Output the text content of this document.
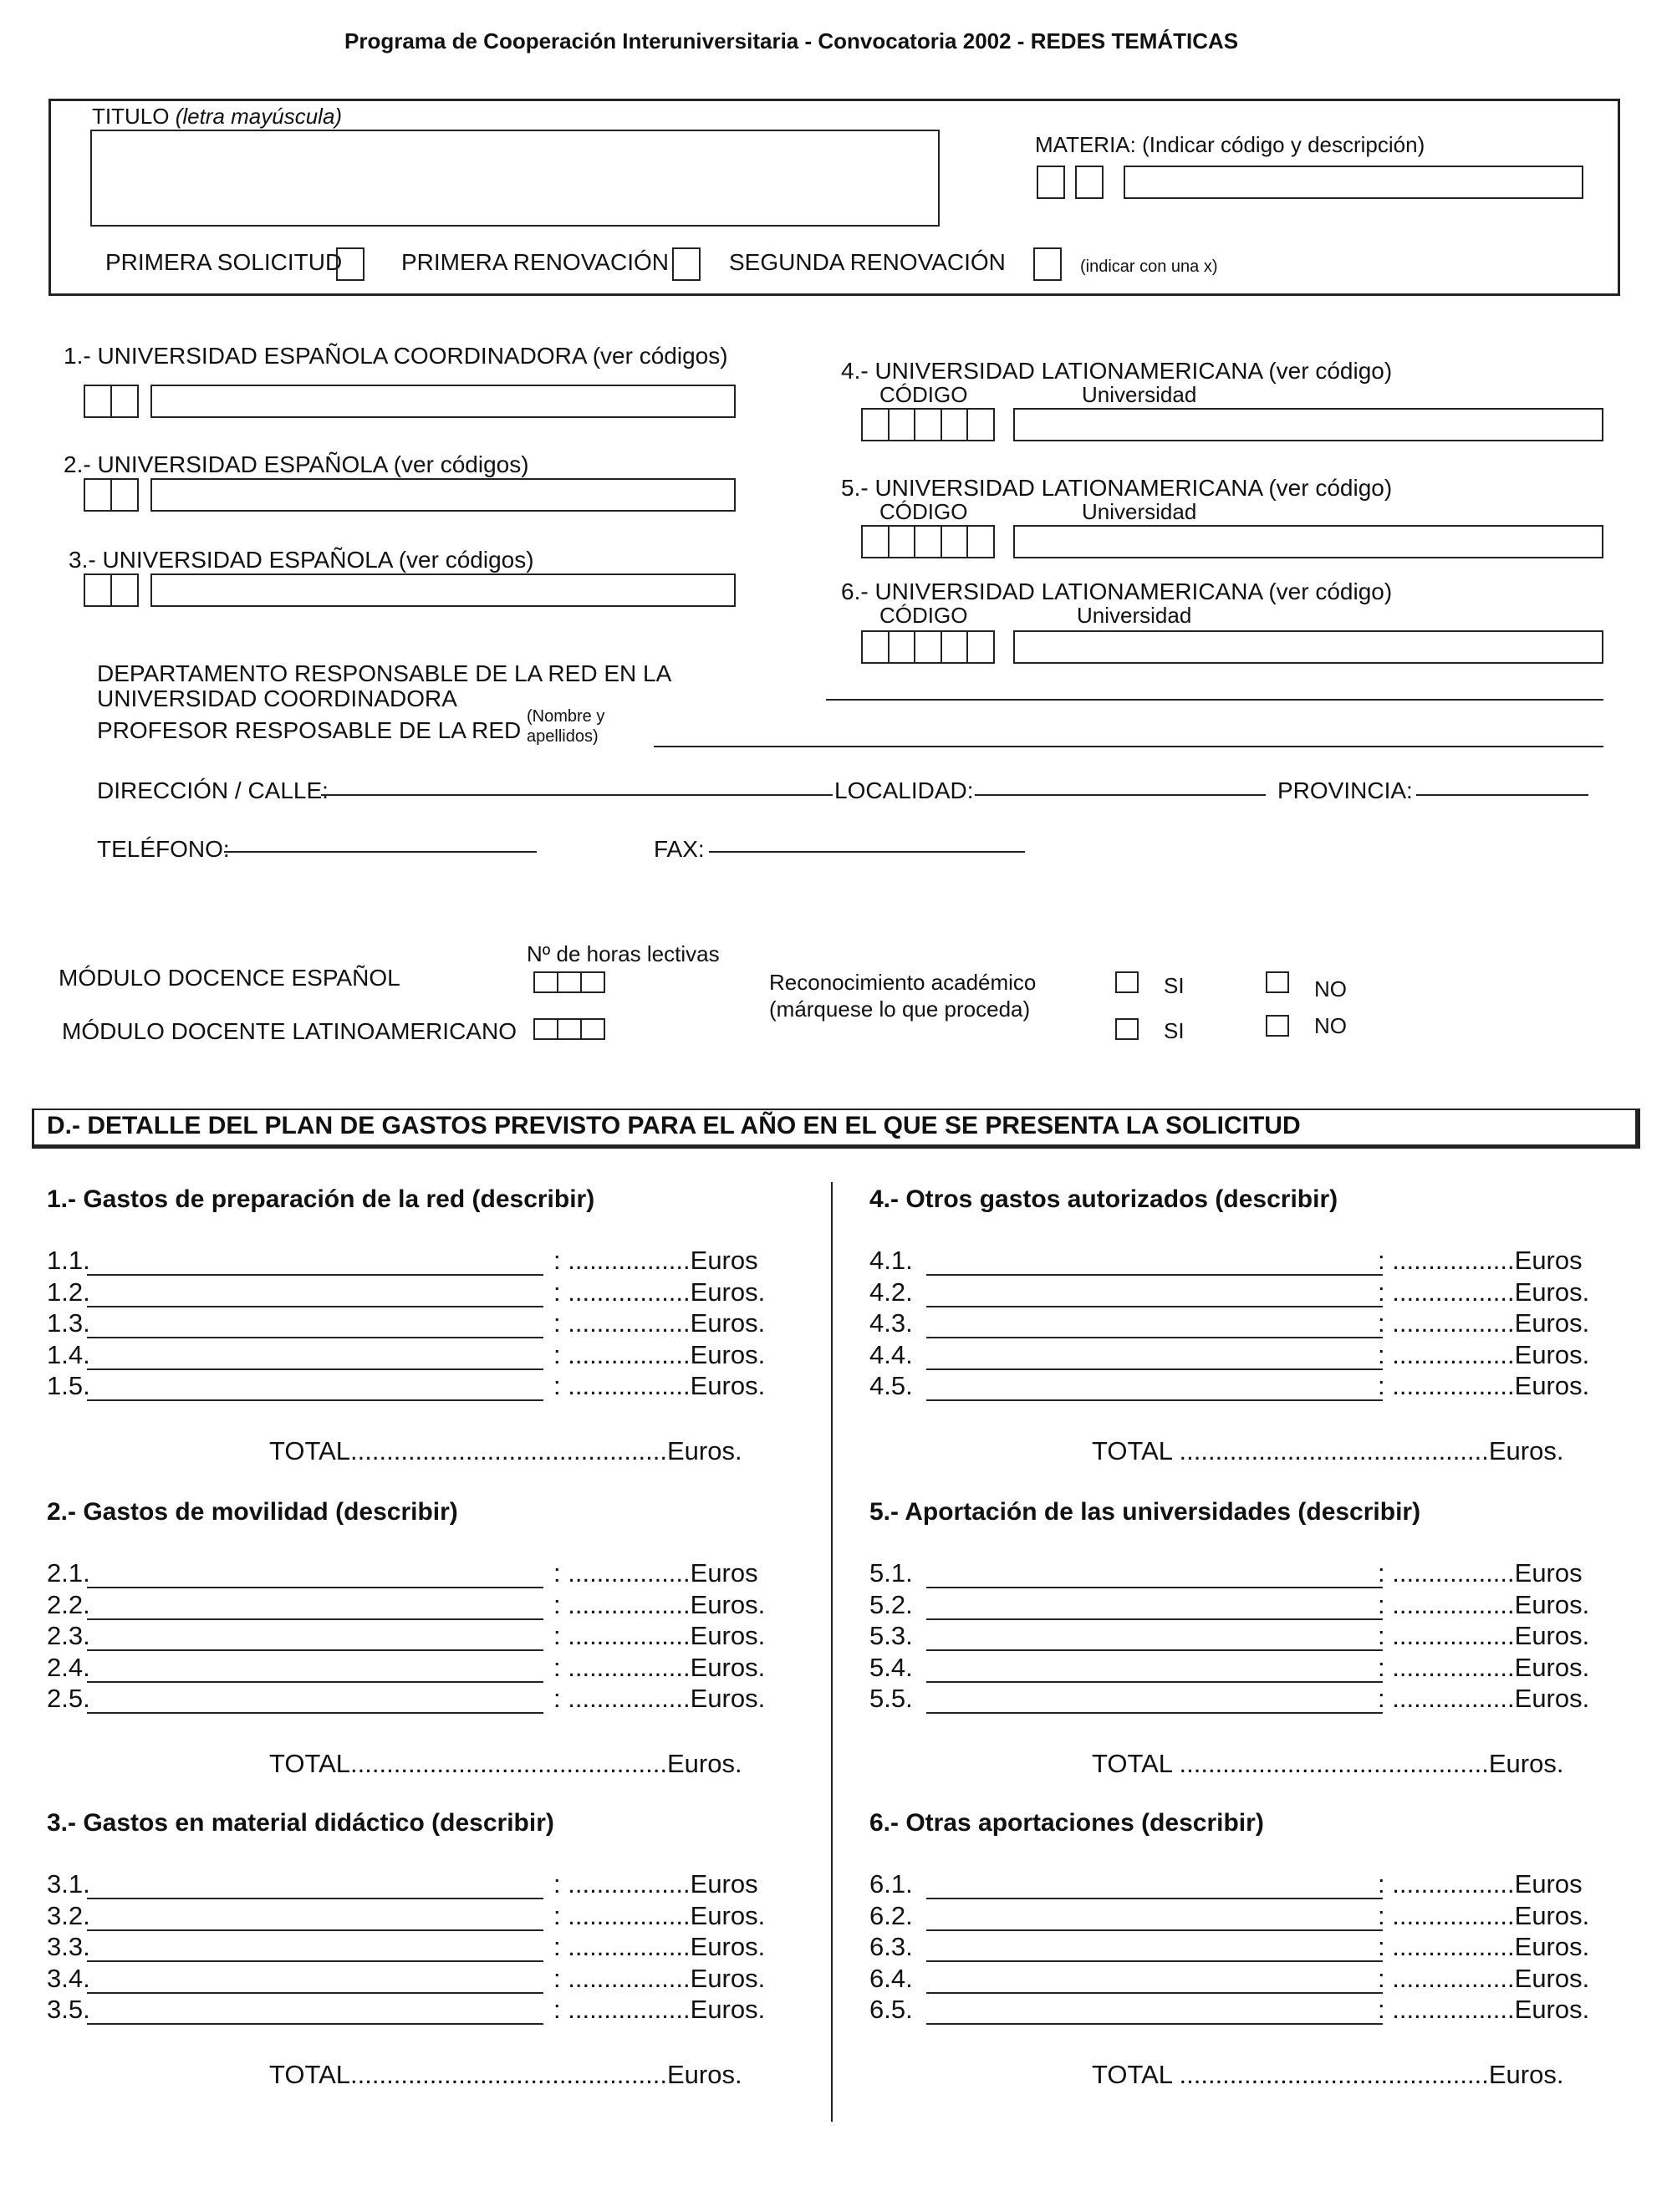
Programa de Cooperación Interuniversitaria - Convocatoria 2002 - REDES TEMÁTICAS
TITULO (letra mayúscula)
MATERIA: (Indicar código y descripción)
PRIMERA SOLICITUD	PRIMERA RENOVACIÓN	SEGUNDA RENOVACIÓN	(indicar con una x)
1.- UNIVERSIDAD ESPAÑOLA COORDINADORA (ver códigos)
2.- UNIVERSIDAD ESPAÑOLA (ver códigos)
3.- UNIVERSIDAD ESPAÑOLA (ver códigos)
4.- UNIVERSIDAD LATIONAMERICANA (ver código)
CÓDIGO	Universidad
5.- UNIVERSIDAD LATIONAMERICANA (ver código)
CÓDIGO	Universidad
6.- UNIVERSIDAD LATIONAMERICANA (ver código)
CÓDIGO	Universidad
DEPARTAMENTO RESPONSABLE DE LA RED EN LA
UNIVERSIDAD COORDINADORA
PROFESOR RESPOSABLE DE LA RED
(Nombre y
apellidos)
DIRECCIÓN / CALLE:	LOCALIDAD:	PROVINCIA:
TELÉFONO:	FAX:
Nº de horas lectivas
MÓDULO DOCENCE ESPAÑOL
MÓDULO DOCENTE LATINOAMERICANO
Reconocimiento académico
(márquese lo que proceda)
SI	NO
SI	NO
D.- DETALLE DEL PLAN DE GASTOS PREVISTO PARA EL AÑO EN EL QUE SE PRESENTA LA SOLICITUD
1.- Gastos de preparación de la red (describir)
1.1.	: .................Euros
1.2.	: .................Euros.
1.3.	: .................Euros.
1.4.	: .................Euros.
1.5.	: .................Euros.
TOTAL............................................Euros.
2.- Gastos de movilidad (describir)
2.1.	: .................Euros
2.2.	: .................Euros.
2.3.	: .................Euros.
2.4.	: .................Euros.
2.5.	: .................Euros.
TOTAL............................................Euros.
3.- Gastos en material didáctico (describir)
3.1.	: .................Euros
3.2.	: .................Euros.
3.3.	: .................Euros.
3.4.	: .................Euros.
3.5.	: .................Euros.
TOTAL............................................Euros.
4.- Otros gastos autorizados (describir)
4.1.	: .................Euros
4.2.	: .................Euros.
4.3.	: .................Euros.
4.4.	: .................Euros.
4.5.	: .................Euros.
TOTAL ...........................................Euros.
5.- Aportación de las universidades (describir)
5.1.	: .................Euros
5.2.	: .................Euros.
5.3.	: .................Euros.
5.4.	: .................Euros.
5.5.	: .................Euros.
TOTAL ...........................................Euros.
6.- Otras aportaciones (describir)
6.1.	: .................Euros
6.2.	: .................Euros.
6.3.	: .................Euros.
6.4.	: .................Euros.
6.5.	: .................Euros.
TOTAL ...........................................Euros.
